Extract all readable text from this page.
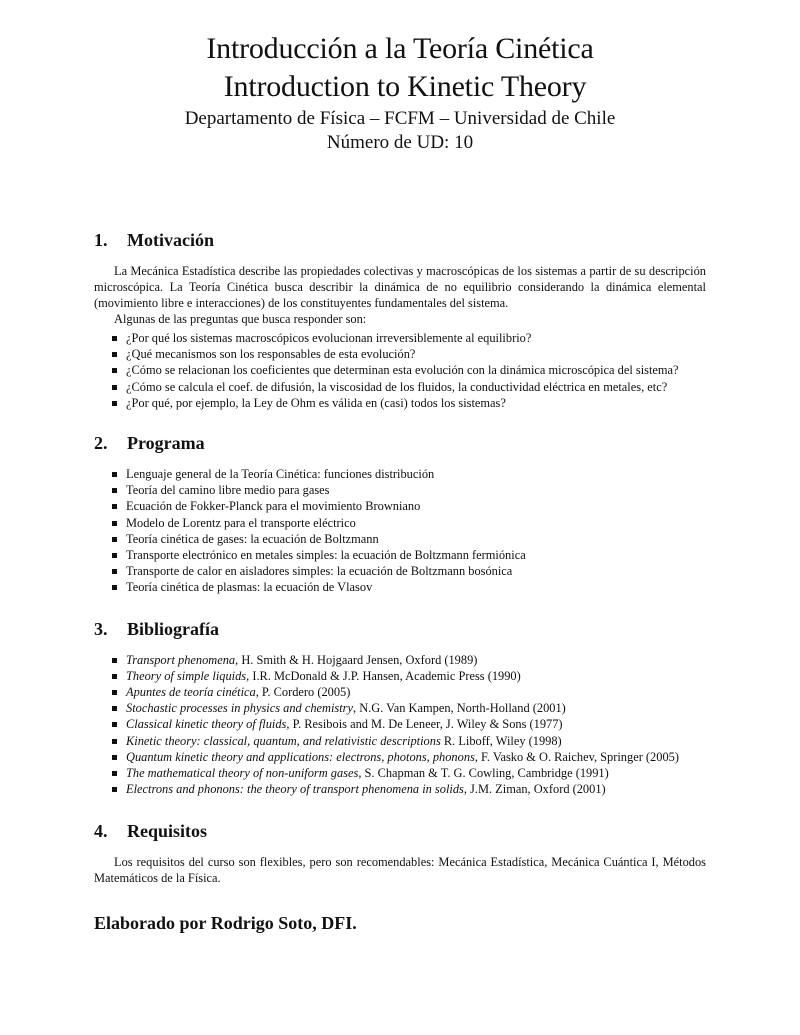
Introducción a la Teoría Cinética
Introduction to Kinetic Theory
Departamento de Física – FCFM – Universidad de Chile
Número de UD: 10
1.	Motivación

La Mecánica Estadística describe las propiedades colectivas y macroscópicas de los sistemas a partir de su descripción microscópica. La Teoría Cinética busca describir la dinámica de no equilibrio considerando la dinámica elemental (movimiento libre e interacciones) de los constituyentes fundamentales del sistema.

Algunas de las preguntas que busca responder son:

¿Por qué los sistemas macroscópicos evolucionan irreversiblemente al equilibrio?
¿Qué mecanismos son los responsables de esta evolución?
¿Cómo se relacionan los coeficientes que determinan esta evolución con la dinámica microscópica del sistema?
¿Cómo se calcula el coef. de difusión, la viscosidad de los fluidos, la conductividad eléctrica en metales, etc?
¿Por qué, por ejemplo, la Ley de Ohm es válida en (casi) todos los sistemas?
2.	Programa
Lenguaje general de la Teoría Cinética: funciones distribución
Teoría del camino libre medio para gases
Ecuación de Fokker-Planck para el movimiento Browniano
Modelo de Lorentz para el transporte eléctrico
Teoría cinética de gases: la ecuación de Boltzmann
Transporte electrónico en metales simples: la ecuación de Boltzmann fermiónica
Transporte de calor en aisladores simples: la ecuación de Boltzmann bosónica
Teoría cinética de plasmas: la ecuación de Vlasov
3.	Bibliografía
Transport phenomena, H. Smith & H. Hojgaard Jensen, Oxford (1989)
Theory of simple liquids, I.R. McDonald & J.P. Hansen, Academic Press (1990)
Apuntes de teoría cinética, P. Cordero (2005)
Stochastic processes in physics and chemistry, N.G. Van Kampen, North-Holland (2001)
Classical kinetic theory of fluids, P. Resibois and M. De Leneer, J. Wiley & Sons (1977)
Kinetic theory: classical, quantum, and relativistic descriptions R. Liboff, Wiley (1998)
Quantum kinetic theory and applications: electrons, photons, phonons, F. Vasko & O. Raichev, Springer (2005)
The mathematical theory of non-uniform gases, S. Chapman & T. G. Cowling, Cambridge (1991)
Electrons and phonons: the theory of transport phenomena in solids, J.M. Ziman, Oxford (2001)
4.	Requisitos

Los requisitos del curso son flexibles, pero son recomendables: Mecánica Estadística, Mecánica Cuántica I, Métodos Matemáticos de la Física.

Elaborado por Rodrigo Soto, DFI.
